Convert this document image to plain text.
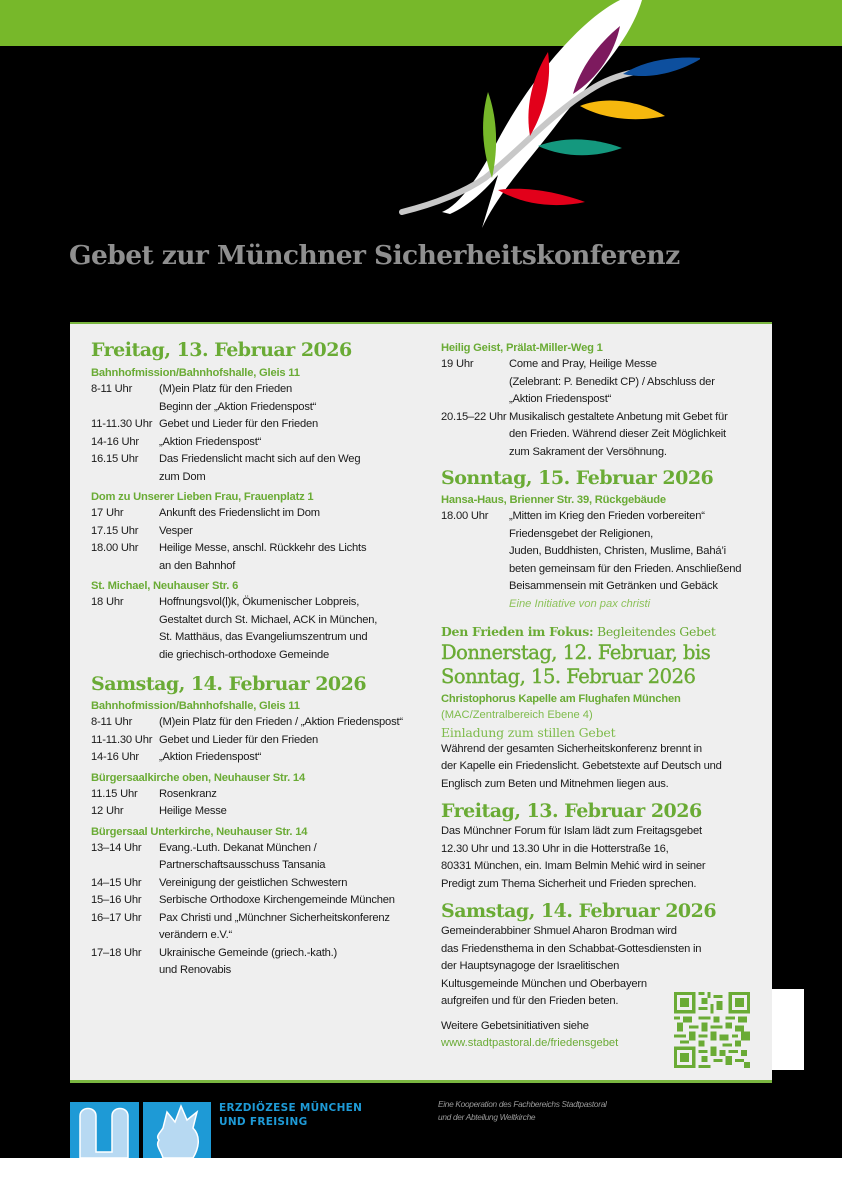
Gebet zur Münchner Sicherheitskonferenz
Freitag, 13. Februar 2026
Bahnhofmission/Bahnhofshalle, Gleis 11
8-11 Uhr	(M)ein Platz für den Frieden
Beginn der „Aktion Friedenspost“
11-11.30 Uhr Gebet und Lieder für den Frieden
14-16 Uhr	„Aktion Friedenspost“
16.15 Uhr	Das Friedenslicht macht sich auf den Weg
zum Dom
Dom zu Unserer Lieben Frau, Frauenplatz 1
17 Uhr	Ankunft des Friedenslicht im Dom
17.15 Uhr	Vesper
18.00 Uhr	Heilige Messe, anschl. Rückkehr des Lichts
an den Bahnhof
St. Michael, Neuhauser Str. 6
18 Uhr	Hoffnungsvol(l)k, Ökumenischer Lobpreis,
Gestaltet durch St. Michael, ACK in München,
St. Matthäus, das Evangeliumszentrum und
die griechisch-orthodoxe Gemeinde
Samstag, 14. Februar 2026
Bahnhofmission/Bahnhofshalle, Gleis 11
8-11 Uhr	(M)ein Platz für den Frieden / „Aktion Friedenspost“
11-11.30 Uhr Gebet und Lieder für den Frieden
14-16 Uhr	„Aktion Friedenspost“
Bürgersaalkirche oben, Neuhauser Str. 14
11.15 Uhr	Rosenkranz
12 Uhr	Heilige Messe
Bürgersaal Unterkirche, Neuhauser Str. 14
13–14 Uhr	Evang.-Luth. Dekanat München /
Partnerschaftsausschuss Tansania
14–15 Uhr	Vereinigung der geistlichen Schwestern
15–16 Uhr	Serbische Orthodoxe Kirchengemeinde München
16–17 Uhr	Pax Christi und „Münchner Sicherheitskonferenz
verändern e.V.“
17–18 Uhr	Ukrainische Gemeinde (griech.-kath.)
und Renovabis
Heilig Geist, Prälat-Miller-Weg 1
19 Uhr	Come and Pray, Heilige Messe
(Zelebrant: P. Benedikt CP) / Abschluss der
„Aktion Friedenspost“
20.15–22 Uhr Musikalisch gestaltete Anbetung mit Gebet für
den Frieden. Während dieser Zeit Möglichkeit
zum Sakrament der Versöhnung.
Sonntag, 15. Februar 2026
Hansa-Haus, Brienner Str. 39, Rückgebäude
18.00 Uhr	„Mitten im Krieg den Frieden vorbereiten“
Friedensgebet der Religionen,
Juden, Buddhisten, Christen, Muslime, Bahá’i
beten gemeinsam für den Frieden. Anschließend
Beisammensein mit Getränken und Gebäck
Eine Initiative von pax christi
Den Frieden im Fokus: Begleitendes Gebet
Donnerstag, 12. Februar, bis
Sonntag, 15. Februar 2026
Christophorus Kapelle am Flughafen München
(MAC/Zentralbereich Ebene 4)
Einladung zum stillen Gebet
Während der gesamten Sicherheitskonferenz brennt in
der Kapelle ein Friedenslicht. Gebetstexte auf Deutsch und
Englisch zum Beten und Mitnehmen liegen aus.
Freitag, 13. Februar 2026
Das Münchner Forum für Islam lädt zum Freitagsgebet
12.30 Uhr und 13.30 Uhr in die Hotterstraße 16,
80331 München, ein. Imam Belmin Mehić wird in seiner
Predigt zum Thema Sicherheit und Frieden sprechen.
Samstag, 14. Februar 2026
Gemeinderabbiner Shmuel Aharon Brodman wird
das Friedensthema in den Schabbat-Gottesdiensten in
der Hauptsynagoge der Israelitischen
Kultusgemeinde München und Oberbayern
aufgreifen und für den Frieden beten.
Weitere Gebetsinitiativen siehe
www.stadtpastoral.de/friedensgebet
ERZDIÖZESE MÜNCHEN
UND FREISING
Eine Kooperation des Fachbereichs Stadtpastoral
und der Abteilung Weltkirche
